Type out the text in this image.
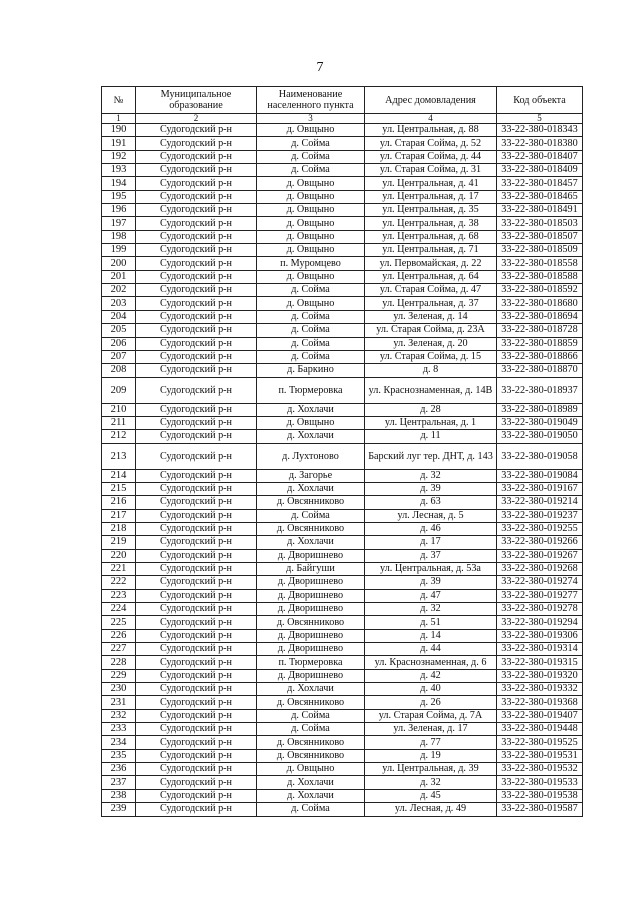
7
№	Муниципальное образование	Наименование населенного пункта	Адрес домовладения	Код объекта
1	2	3	4	5
190	Судогодский р-н	д. Овщыно	ул. Центральная, д. 88	33-22-380-018343
191	Судогодский р-н	д. Сойма	ул. Старая Сойма, д. 52	33-22-380-018380
192	Судогодский р-н	д. Сойма	ул. Старая Сойма, д. 44	33-22-380-018407
193	Судогодский р-н	д. Сойма	ул. Старая Сойма, д. 31	33-22-380-018409
194	Судогодский р-н	д. Овщыно	ул. Центральная, д. 41	33-22-380-018457
195	Судогодский р-н	д. Овщыно	ул. Центральная, д. 17	33-22-380-018465
196	Судогодский р-н	д. Овщыно	ул. Центральная, д. 35	33-22-380-018491
197	Судогодский р-н	д. Овщыно	ул. Центральная, д. 38	33-22-380-018503
198	Судогодский р-н	д. Овщыно	ул. Центральная, д. 68	33-22-380-018507
199	Судогодский р-н	д. Овщыно	ул. Центральная, д. 71	33-22-380-018509
200	Судогодский р-н	п. Муромцево	ул. Первомайская, д. 22	33-22-380-018558
201	Судогодский р-н	д. Овщыно	ул. Центральная, д. 64	33-22-380-018588
202	Судогодский р-н	д. Сойма	ул. Старая Сойма, д. 47	33-22-380-018592
203	Судогодский р-н	д. Овщыно	ул. Центральная, д. 37	33-22-380-018680
204	Судогодский р-н	д. Сойма	ул. Зеленая, д. 14	33-22-380-018694
205	Судогодский р-н	д. Сойма	ул. Старая Сойма, д. 23А	33-22-380-018728
206	Судогодский р-н	д. Сойма	ул. Зеленая, д. 20	33-22-380-018859
207	Судогодский р-н	д. Сойма	ул. Старая Сойма, д. 15	33-22-380-018866
208	Судогодский р-н	д. Баркино	д. 8	33-22-380-018870
209	Судогодский р-н	п. Тюрмеровка	ул. Краснознаменная, д. 14В	33-22-380-018937
210	Судогодский р-н	д. Хохлачи	д. 28	33-22-380-018989
211	Судогодский р-н	д. Овщыно	ул. Центральная, д. 1	33-22-380-019049
212	Судогодский р-н	д. Хохлачи	д. 11	33-22-380-019050
213	Судогодский р-н	д. Лухтоново	Барский луг тер. ДНТ, д. 143	33-22-380-019058
214	Судогодский р-н	д. Загорье	д. 32	33-22-380-019084
215	Судогодский р-н	д. Хохлачи	д. 39	33-22-380-019167
216	Судогодский р-н	д. Овсянниково	д. 63	33-22-380-019214
217	Судогодский р-н	д. Сойма	ул. Лесная, д. 5	33-22-380-019237
218	Судогодский р-н	д. Овсянниково	д. 46	33-22-380-019255
219	Судогодский р-н	д. Хохлачи	д. 17	33-22-380-019266
220	Судогодский р-н	д. Дворишнево	д. 37	33-22-380-019267
221	Судогодский р-н	д. Байгуши	ул. Центральная, д. 53а	33-22-380-019268
222	Судогодский р-н	д. Дворишнево	д. 39	33-22-380-019274
223	Судогодский р-н	д. Дворишнево	д. 47	33-22-380-019277
224	Судогодский р-н	д. Дворишнево	д. 32	33-22-380-019278
225	Судогодский р-н	д. Овсянниково	д. 51	33-22-380-019294
226	Судогодский р-н	д. Дворишнево	д. 14	33-22-380-019306
227	Судогодский р-н	д. Дворишнево	д. 44	33-22-380-019314
228	Судогодский р-н	п. Тюрмеровка	ул. Краснознаменная, д. 6	33-22-380-019315
229	Судогодский р-н	д. Дворишнево	д. 42	33-22-380-019320
230	Судогодский р-н	д. Хохлачи	д. 40	33-22-380-019332
231	Судогодский р-н	д. Овсянниково	д. 26	33-22-380-019368
232	Судогодский р-н	д. Сойма	ул. Старая Сойма, д. 7А	33-22-380-019407
233	Судогодский р-н	д. Сойма	ул. Зеленая, д. 17	33-22-380-019448
234	Судогодский р-н	д. Овсянниково	д. 77	33-22-380-019525
235	Судогодский р-н	д. Овсянниково	д. 19	33-22-380-019531
236	Судогодский р-н	д. Овщыно	ул. Центральная, д. 39	33-22-380-019532
237	Судогодский р-н	д. Хохлачи	д. 32	33-22-380-019533
238	Судогодский р-н	д. Хохлачи	д. 45	33-22-380-019538
239	Судогодский р-н	д. Сойма	ул. Лесная, д. 49	33-22-380-019587
